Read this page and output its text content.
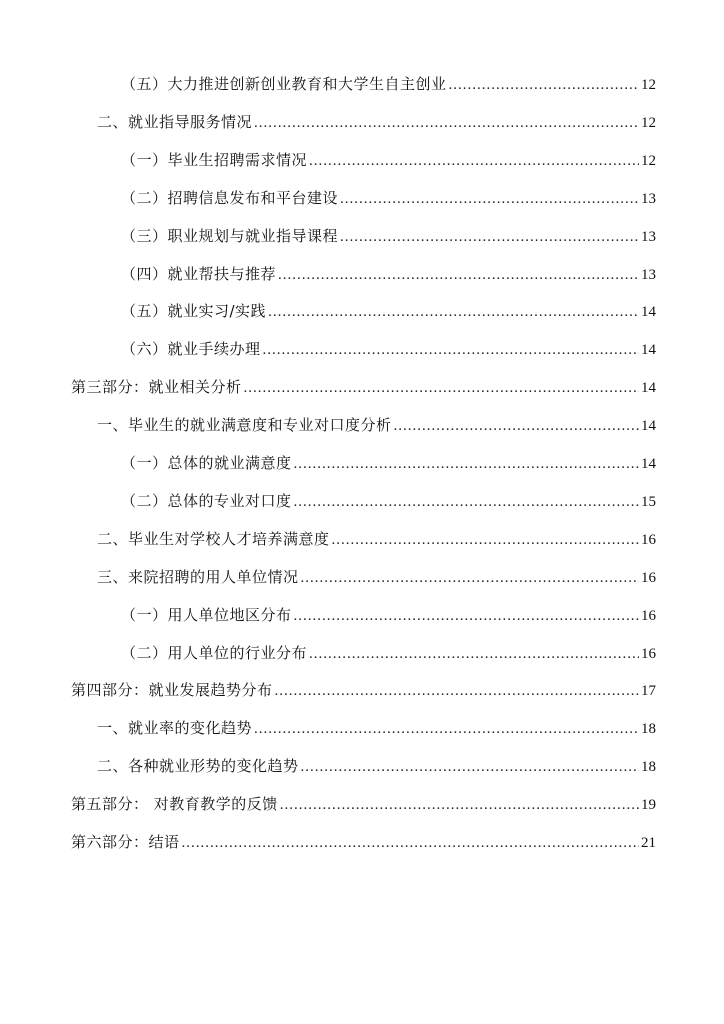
（五）大力推进创新创业教育和大学生自主创业 .....	12
二、就业指导服务情况 .....	12
（一）毕业生招聘需求情况 .....	12
（二）招聘信息发布和平台建设 .....	13
（三）职业规划与就业指导课程 .....	13
（四）就业帮扶与推荐 .....	13
（五）就业实习/实践 .....	14
（六）就业手续办理 .....	14
第三部分：就业相关分析 .....	14
一、毕业生的就业满意度和专业对口度分析 .....	14
（一）总体的就业满意度 .....	14
（二）总体的专业对口度 .....	15
二、毕业生对学校人才培养满意度 .....	16
三、来院招聘的用人单位情况 .....	16
（一）用人单位地区分布 .....	16
（二）用人单位的行业分布 .....	16
第四部分：就业发展趋势分布 .....	17
一、就业率的变化趋势 .....	18
二、各种就业形势的变化趋势 .....	18
第五部分： 对教育教学的反馈 .....	19
第六部分：结语 .....	21
